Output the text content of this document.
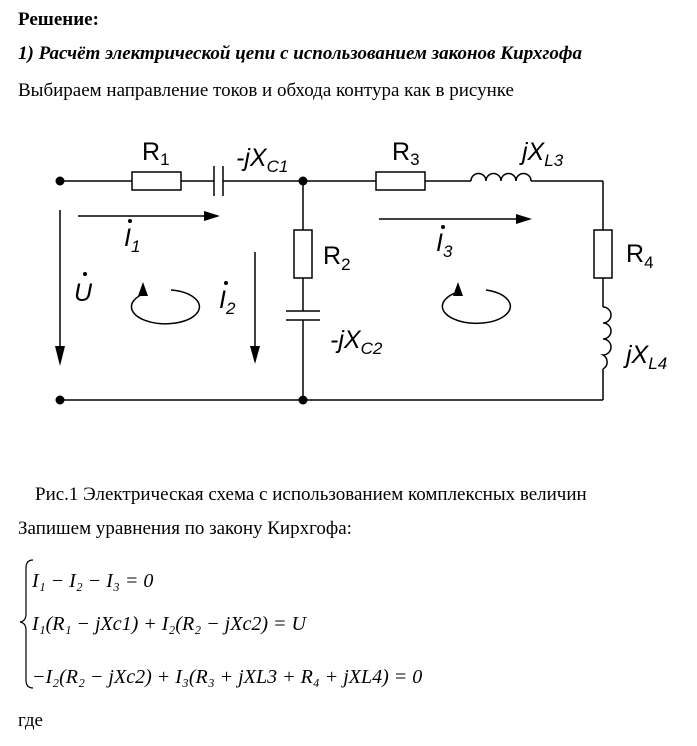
Решение:
1) Расчёт электрической цепи с использованием законов Кирхгофа
Выбираем направление токов и обхода контура как в рисунке
$R_1$	$-jX_{C1}$
$R_3$	$jX_{L3}$
$R_2$
$-jX_{C2}$
$R_4$
$jX_{L4}$
$I_1$	$I_3$
$I_2$
U
I₁ − I₂ − I₃ = 0
I₁(R₁ − jXc1) + I₂(R₂ − jXc2) = U
−I₂(R₂ − jXc2) + I₃(R₃ + jXL3 + R₄ + jXL4) = 0
Рис.1 Электрическая схема с использованием комплексных величин
Запишем уравнения по закону Кирхгофа:
где
